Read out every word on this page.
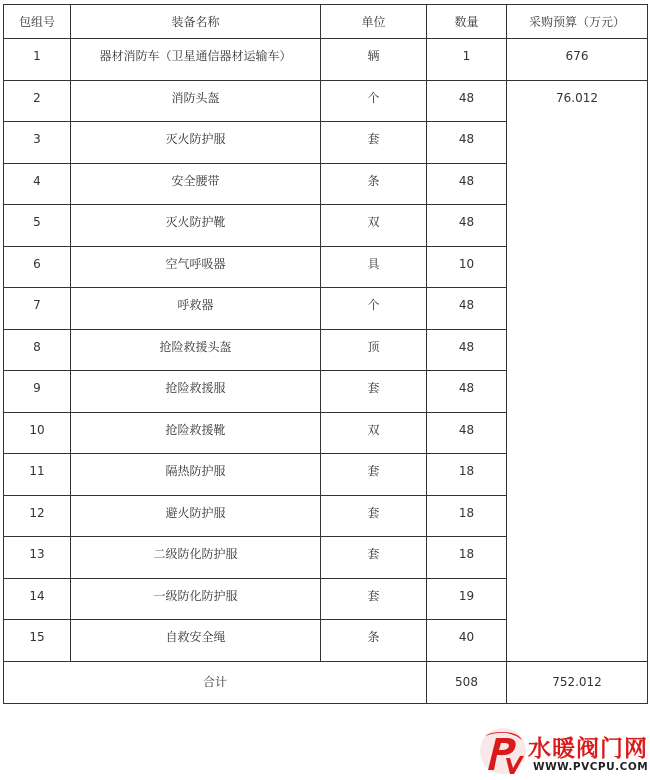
包组号	装备名称	单位	数量	采购预算（万元）
1	器材消防车（卫星通信器材运输车）	辆	1	676
2	消防头盔	个	48	76.012
3	灭火防护服	套	48	
4	安全腰带	条	48	
5	灭火防护靴	双	48	
6	空气呼吸器	具	10	
7	呼救器	个	48	
8	抢险救援头盔	顶	48	
9	抢险救援服	套	48	
10	抢险救援靴	双	48	
11	隔热防护服	套	18	
12	避火防护服	套	18	
13	二级防化防护服	套	18	
14	一级防化防护服	套	19	
15	自救安全绳	条	40	
合计			508	752.012
水暖阀门网
WWW.PVCPU.COM
